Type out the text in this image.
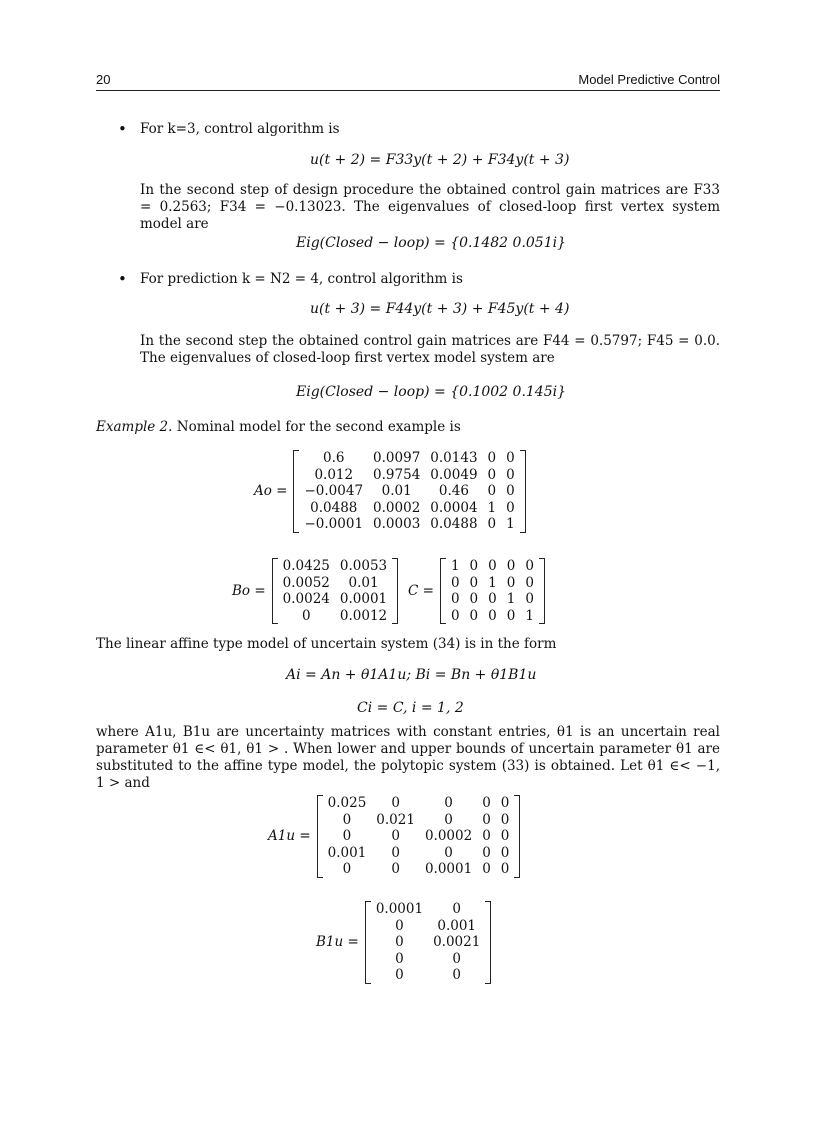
20	Model Predictive Control
• For k=3, control algorithm is
u(t + 2) = F33y(t + 2) + F34y(t + 3)
In the second step of design procedure the obtained control gain matrices are F33 = 0.2563; F34 = −0.13023. The eigenvalues of closed-loop first vertex system model are
Eig(Closed − loop) = {0.1482 0.051i}
• For prediction k = N2 = 4, control algorithm is
u(t + 3) = F44y(t + 3) + F45y(t + 4)
In the second step the obtained control gain matrices are F44 = 0.5797; F45 = 0.0. The eigenvalues of closed-loop first vertex model system are
Eig(Closed − loop) = {0.1002 0.145i}
Example 2. Nominal model for the second example is
Ao =
0.6	0.0097	0.0143	0	0
0.012	0.9754	0.0049	0	0
−0.0047	0.01	0.46	0	0
0.0488	0.0002	0.0004	1	0
−0.0001	0.0003	0.0488	0	1
Bo =
0.0425	0.0053
0.0052	0.01
0.0024	0.0001
0	0.0012
C =
1	0	0	0	0
0	0	1	0	0
0	0	0	1	0
0	0	0	0	1
The linear affine type model of uncertain system (34) is in the form
Ai = An + θ1A1u; Bi = Bn + θ1B1u
Ci = C, i = 1, 2
where A1u, B1u are uncertainty matrices with constant entries, θ1 is an uncertain real parameter θ1 ∈< θ1, θ1 > . When lower and upper bounds of uncertain parameter θ1 are substituted to the affine type model, the polytopic system (33) is obtained. Let θ1 ∈< −1, 1 > and
A1u =
0.025	0	0	0	0
0	0.021	0	0	0
0	0	0.0002	0	0
0.001	0	0	0	0
0	0	0.0001	0	0
B1u =
0.0001	0
0	0.001
0	0.0021
0	0
0	0
